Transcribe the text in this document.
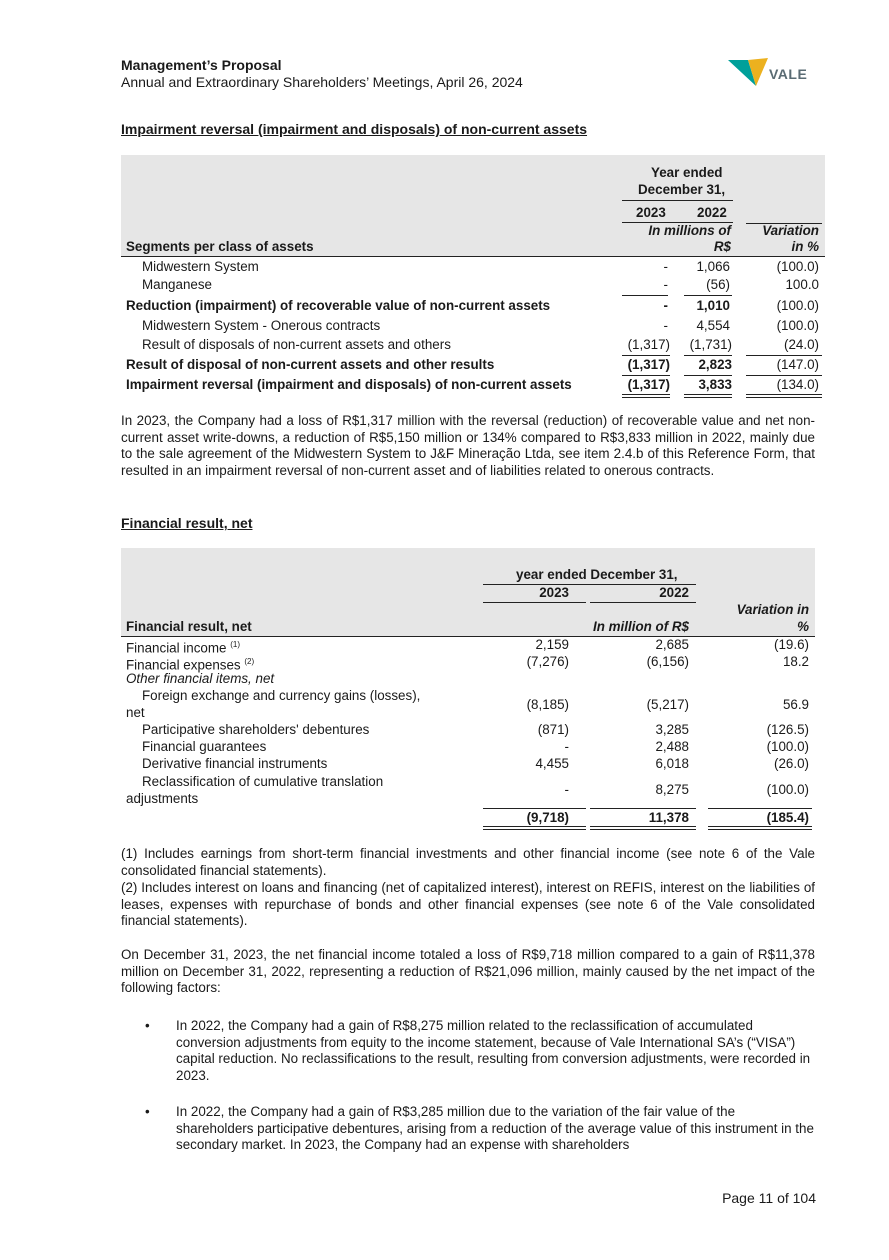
Management’s Proposal
Annual and Extraordinary Shareholders’ Meetings, April 26, 2024	VALE
Impairment reversal (impairment and disposals) of non-current assets
Year ended
December 31,
2023 2022
In millions of
R$
Variation
in %
Segments per class of assets
Midwestern System	-	1,066	(100.0)
Manganese	-	(56)	100.0
Reduction (impairment) of recoverable value of non-current assets	-	1,010	(100.0)
Midwestern System - Onerous contracts	-	4,554	(100.0)
Result of disposals of non-current assets and others	(1,317)	(1,731)	(24.0)
Result of disposal of non-current assets and other results	(1,317)	2,823	(147.0)
Impairment reversal (impairment and disposals) of non-current assets	(1,317)	3,833	(134.0)
In 2023, the Company had a loss of R$1,317 million with the reversal (reduction) of recoverable value and net non-current asset write-downs, a reduction of R$5,150 million or 134% compared to R$3,833 million in 2022, mainly due to the sale agreement of the Midwestern System to J&F Mineração Ltda, see item 2.4.b of this Reference Form, that resulted in an impairment reversal of non-current asset and of liabilities related to onerous contracts.
Financial result, net
year ended December 31,
2023	2022
Variation in
%
Financial result, net	In million of R$
Financial income $^{(1)}$	2,159	2,685	(19.6)
Financial expenses $^{(2)}$	(7,276)	(6,156)	18.2
Other financial items, net
Foreign exchange and currency gains (losses),
net
(8,185)	(5,217)	56.9
Participative shareholders' debentures	(871)	3,285	(126.5)
Financial guarantees	-	2,488	(100.0)
Derivative financial instruments	4,455	6,018	(26.0)
Reclassification of cumulative translation
adjustments
-	8,275	(100.0)
(9,718)	11,378	(185.4)
(1) Includes earnings from short-term financial investments and other financial income (see note 6 of the Vale consolidated financial statements).
(2) Includes interest on loans and financing (net of capitalized interest), interest on REFIS, interest on the liabilities of leases, expenses with repurchase of bonds and other financial expenses (see note 6 of the Vale consolidated financial statements).
On December 31, 2023, the net financial income totaled a loss of R$9,718 million compared to a gain of R$11,378 million on December 31, 2022, representing a reduction of R$21,096 million, mainly caused by the net impact of the following factors:
• In 2022, the Company had a gain of R$8,275 million related to the reclassification of accumulated conversion adjustments from equity to the income statement, because of Vale International SA’s (“VISA”) capital reduction. No reclassifications to the result, resulting from conversion adjustments, were recorded in 2023.
• In 2022, the Company had a gain of R$3,285 million due to the variation of the fair value of the shareholders participative debentures, arising from a reduction of the average value of this instrument in the secondary market. In 2023, the Company had an expense with shareholders
Page 11 of 104
